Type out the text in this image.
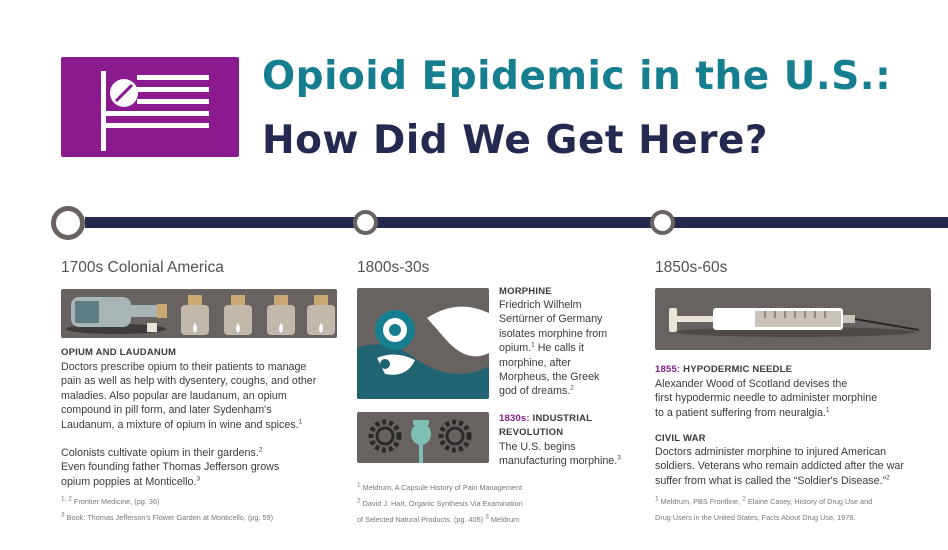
Opioid Epidemic in the U.S.:
How Did We Get Here?
1700s Colonial America
OPIUM AND LAUDANUM
Doctors prescribe opium to their patients to manage
pain as well as help with dysentery, coughs, and other
maladies. Also popular are laudanum, an opium
compound in pill form, and later Sydenham's
Laudanum, a mixture of opium in wine and spices.$^1$
Colonists cultivate opium in their gardens.$^2$
Even founding father Thomas Jefferson grows
opium poppies at Monticello.$^3$
$^{1, 2}$ Frontier Medicine, (pg. 36)
$^3$ Book: Thomas Jefferson's Flower Garden at Monticello, (pg. 59)
1800s-30s
MORPHINE
Friedrich Wilhelm
Sertürner of Germany
isolates morphine from
opium.$^1$ He calls it
morphine, after
Morpheus, the Greek
god of dreams.$^2$
1830s: INDUSTRIAL
REVOLUTION
The U.S. begins
manufacturing morphine.$^3$
$^1$ Meldrum, A Capsule History of Pain Management
$^2$ David J. Hart, Organic Synthesis Via Examination
of Selected Natural Products. (pg. 405) $^3$ Meldrum
1850s-60s
1855: HYPODERMIC NEEDLE
Alexander Wood of Scotland devises the
first hypodermic needle to administer morphine
to a patient suffering from neuralgia.$^1$
CIVIL WAR
Doctors administer morphine to injured American
soldiers. Veterans who remain addicted after the war
suffer from what is called the “Soldier's Disease.”$^2$
$^1$ Meldrum, PBS Frontline, $^2$ Elaine Casey, History of Drug Use and
Drug Users in the United States, Facts About Drug Use, 1978.
